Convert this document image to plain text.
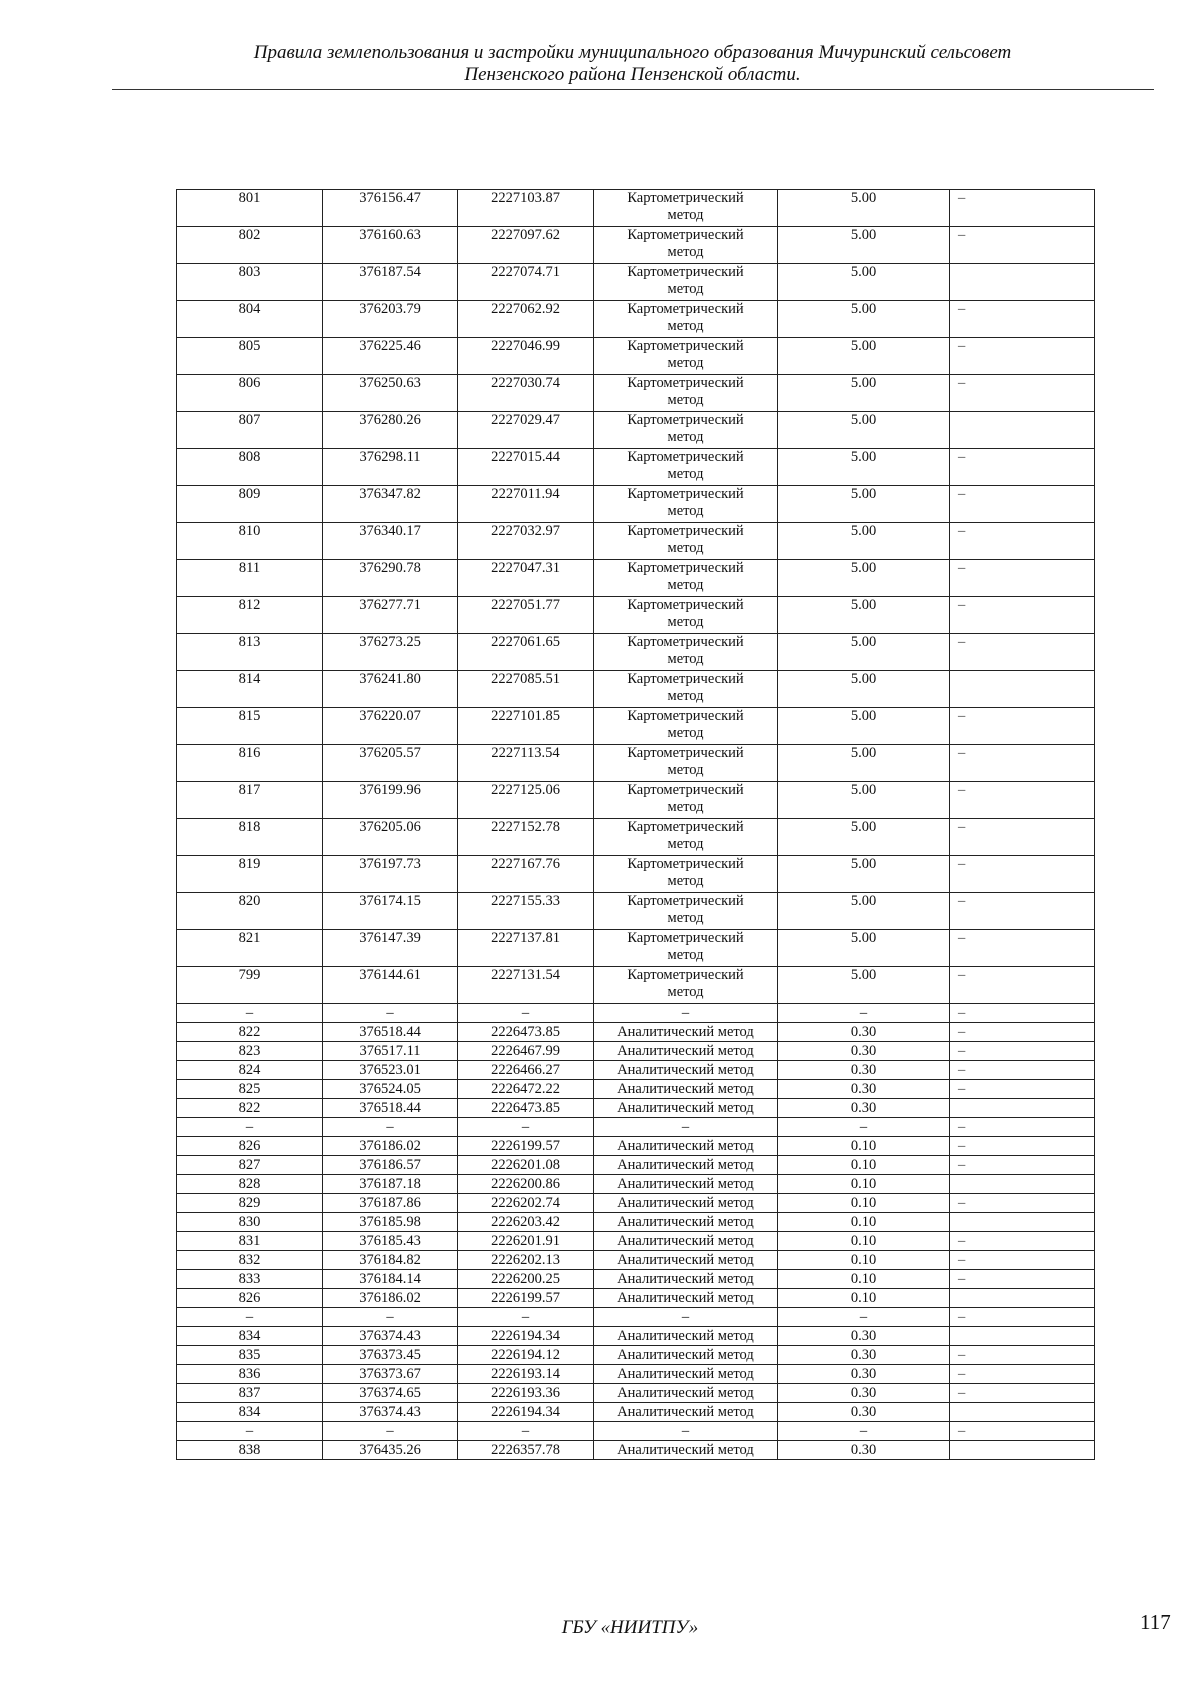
Правила землепользования и застройки муниципального образования Мичуринский сельсовет
Пензенского района Пензенской области.
801	376156.47	2227103.87	Картометрический метод	5.00	–
802	376160.63	2227097.62	Картометрический метод	5.00	–
803	376187.54	2227074.71	Картометрический метод	5.00	
804	376203.79	2227062.92	Картометрический метод	5.00	–
805	376225.46	2227046.99	Картометрический метод	5.00	–
806	376250.63	2227030.74	Картометрический метод	5.00	–
807	376280.26	2227029.47	Картометрический метод	5.00	
808	376298.11	2227015.44	Картометрический метод	5.00	–
809	376347.82	2227011.94	Картометрический метод	5.00	–
810	376340.17	2227032.97	Картометрический метод	5.00	–
811	376290.78	2227047.31	Картометрический метод	5.00	–
812	376277.71	2227051.77	Картометрический метод	5.00	–
813	376273.25	2227061.65	Картометрический метод	5.00	–
814	376241.80	2227085.51	Картометрический метод	5.00	
815	376220.07	2227101.85	Картометрический метод	5.00	–
816	376205.57	2227113.54	Картометрический метод	5.00	–
817	376199.96	2227125.06	Картометрический метод	5.00	–
818	376205.06	2227152.78	Картометрический метод	5.00	–
819	376197.73	2227167.76	Картометрический метод	5.00	–
820	376174.15	2227155.33	Картометрический метод	5.00	–
821	376147.39	2227137.81	Картометрический метод	5.00	–
799	376144.61	2227131.54	Картометрический метод	5.00	–
–	–	–	–	–	–
822	376518.44	2226473.85	Аналитический метод	0.30	–
823	376517.11	2226467.99	Аналитический метод	0.30	–
824	376523.01	2226466.27	Аналитический метод	0.30	–
825	376524.05	2226472.22	Аналитический метод	0.30	–
822	376518.44	2226473.85	Аналитический метод	0.30	
–	–	–	–	–	–
826	376186.02	2226199.57	Аналитический метод	0.10	–
827	376186.57	2226201.08	Аналитический метод	0.10	–
828	376187.18	2226200.86	Аналитический метод	0.10	
829	376187.86	2226202.74	Аналитический метод	0.10	–
830	376185.98	2226203.42	Аналитический метод	0.10	
831	376185.43	2226201.91	Аналитический метод	0.10	–
832	376184.82	2226202.13	Аналитический метод	0.10	–
833	376184.14	2226200.25	Аналитический метод	0.10	–
826	376186.02	2226199.57	Аналитический метод	0.10	
–	–	–	–	–	–
834	376374.43	2226194.34	Аналитический метод	0.30	
835	376373.45	2226194.12	Аналитический метод	0.30	–
836	376373.67	2226193.14	Аналитический метод	0.30	–
837	376374.65	2226193.36	Аналитический метод	0.30	–
834	376374.43	2226194.34	Аналитический метод	0.30	
–	–	–	–	–	–
838	376435.26	2226357.78	Аналитический метод	0.30	
ГБУ «НИИТПУ»	117
